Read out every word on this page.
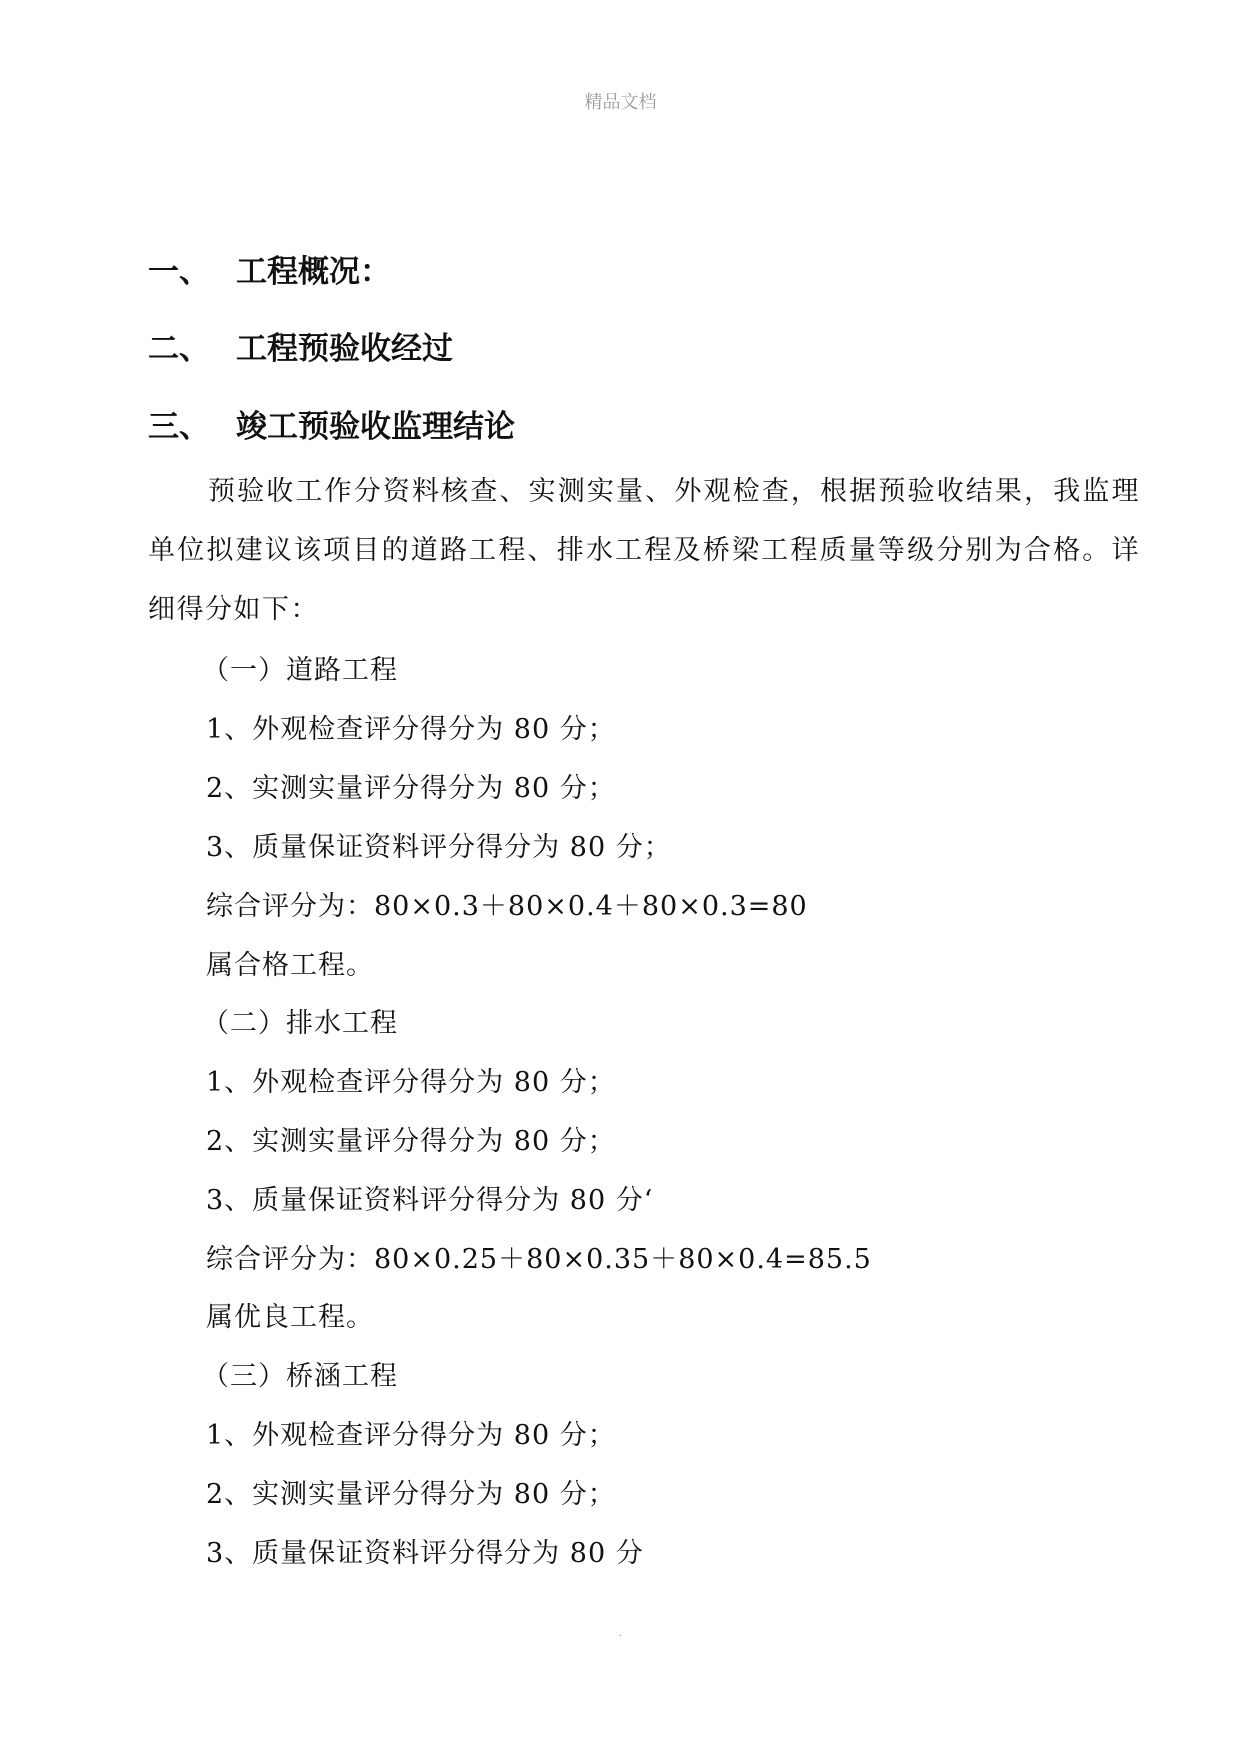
精品文档
一、 工程概况：
二、 工程预验收经过
三、 竣工预验收监理结论
预验收工作分资料核查、实测实量、外观检查，根据预验收结果，我监理单位拟建议该项目的道路工程、排水工程及桥梁工程质量等级分别为合格。详细得分如下：
（一）道路工程
1、外观检查评分得分为 80 分；
2、实测实量评分得分为 80 分；
3、质量保证资料评分得分为 80 分；
综合评分为：80×0.3＋80×0.4＋80×0.3=80
属合格工程。
（二）排水工程
1、外观检查评分得分为 80 分；
2、实测实量评分得分为 80 分；
3、质量保证资料评分得分为 80 分‘
综合评分为：80×0.25＋80×0.35＋80×0.4=85.5
属优良工程。
（三）桥涵工程
1、外观检查评分得分为 80 分；
2、实测实量评分得分为 80 分；
3、质量保证资料评分得分为 80 分
.
